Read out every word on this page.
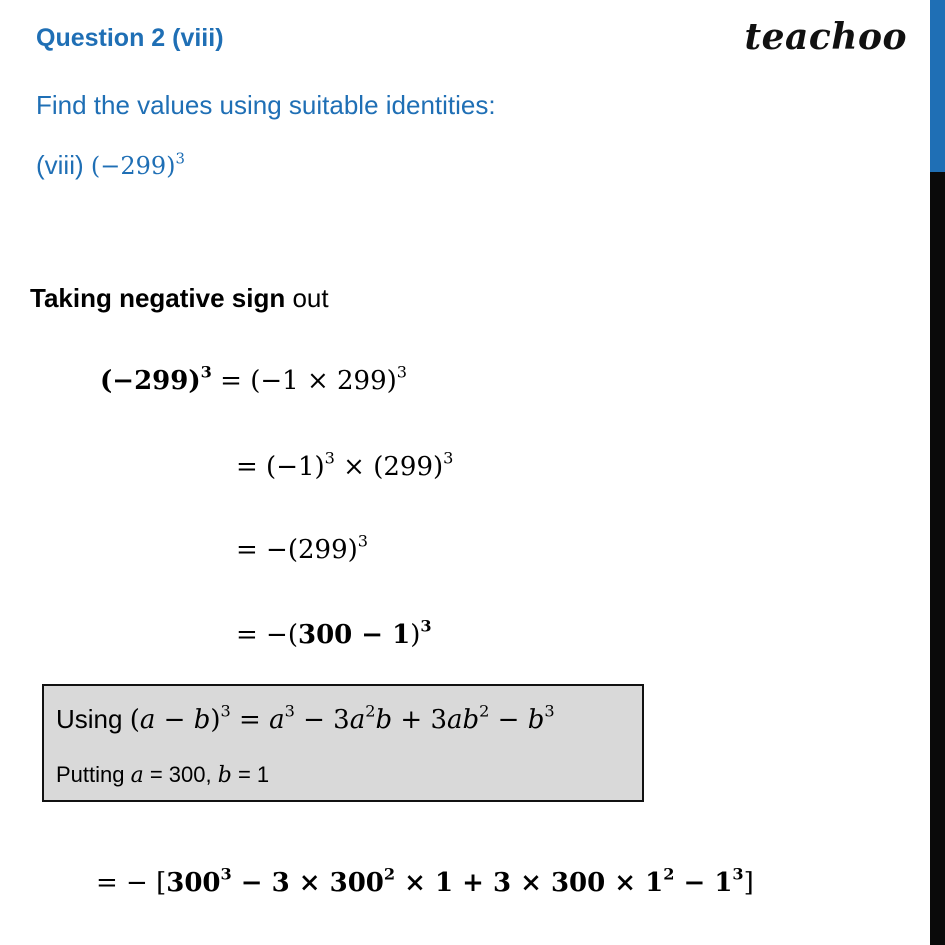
Question 2 (viii)	teachoo
Find the values using suitable identities:
(viii) $(-299)^3$
Taking negative sign out
$(-299)^3 = (-1 \times 299)^3$
= $(-1)^3 \times (299)^3$
= $-(299)^3$
= $-(300 - 1)^3$
Using $(a - b)^3 = a^3 - 3a^2b + 3ab^2 - b^3$
Putting a = 300, b = 1
= − $[300^3 - 3 \times 300^2 \times 1 + 3 \times 300 \times 1^2 - 1^3]$
